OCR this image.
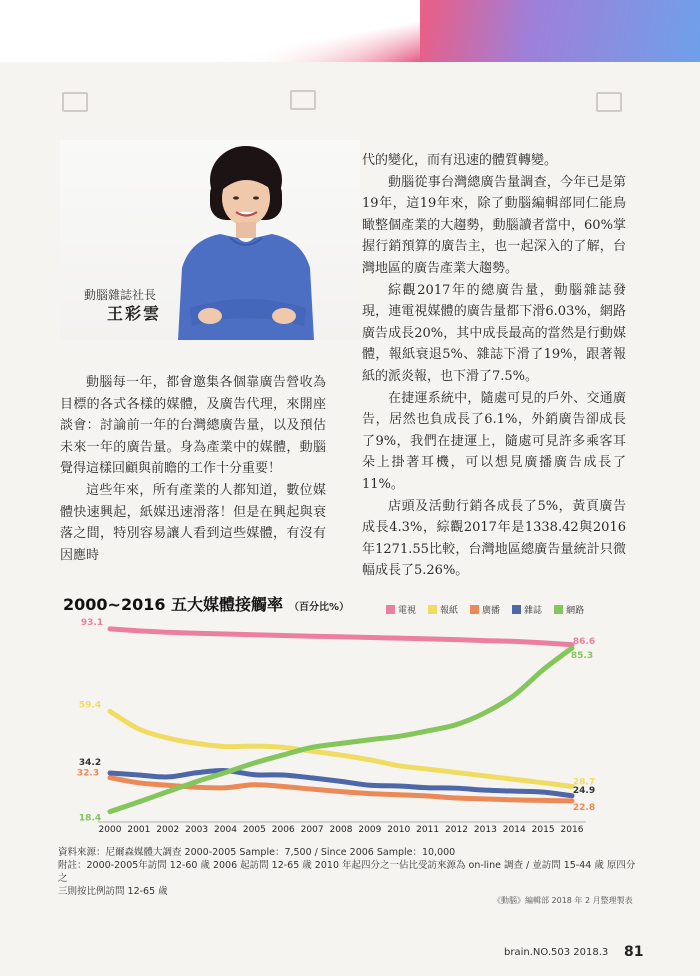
動腦雜誌社長
王彩雲

動腦每一年，都會邀集各個靠廣告營收為目標的各式各樣的媒體，及廣告代理，來開座談會：討論前一年的台灣總廣告量，以及預估未來一年的廣告量。身為產業中的媒體，動腦覺得這樣回顧與前瞻的工作十分重要！

這些年來，所有產業的人都知道，數位媒體快速興起，紙媒迅速滑落！但是在興起與衰落之間，特別容易讓人看到這些媒體，有沒有因應時

代的變化，而有迅速的體質轉變。

動腦從事台灣總廣告量調查，今年已是第19年，這19年來，除了動腦編輯部同仁能鳥瞰整個產業的大趨勢，動腦讀者當中，60%掌握行銷預算的廣告主，也一起深入的了解，台灣地區的廣告產業大趨勢。

綜觀2017年的總廣告量，動腦雜誌發現，連電視媒體的廣告量都下滑6.03%，網路廣告成長20%，其中成長最高的當然是行動媒體，報紙衰退5%、雜誌下滑了19%，跟著報紙的派炎報，也下滑了7.5%。

在捷運系統中，隨處可見的戶外、交通廣告，居然也負成長了6.1%，外銷廣告卻成長了9%，我們在捷運上，隨處可見許多乘客耳朵上掛著耳機，可以想見廣播廣告成長了11%。

店頭及活動行銷各成長了5%，黃頁廣告成長4.3%，綜觀2017年是1338.42與2016年1271.55比較，台灣地區總廣告量統計只微幅成長了5.26%。

2000~2016 五大媒體接觸率 （百分比%）	電視	報紙	廣播	雜誌	網路
2000 2001 2002 2003 2004 2005 2006 2007 2008 2009 2010 2011 2012 2013 2014 2015 2016
93.1
86.6
59.4
28.7
32.3
22.8
34.2
24.9
18.4
85.3
資料來源：尼爾森媒體大調查 2000-2005 Sample：7,500 / Since 2006 Sample：10,000
附註：2000-2005年訪問 12-60 歲 2006 起訪問 12-65 歲 2010 年起四分之一佔比受訪來源為 on-line 調查 / 並訪問 15-44 歲 原四分之
三則按比例訪問 12-65 歲
《動腦》編輯部 2018 年 2 月整理製表
brain.NO.503 2018.3 81
